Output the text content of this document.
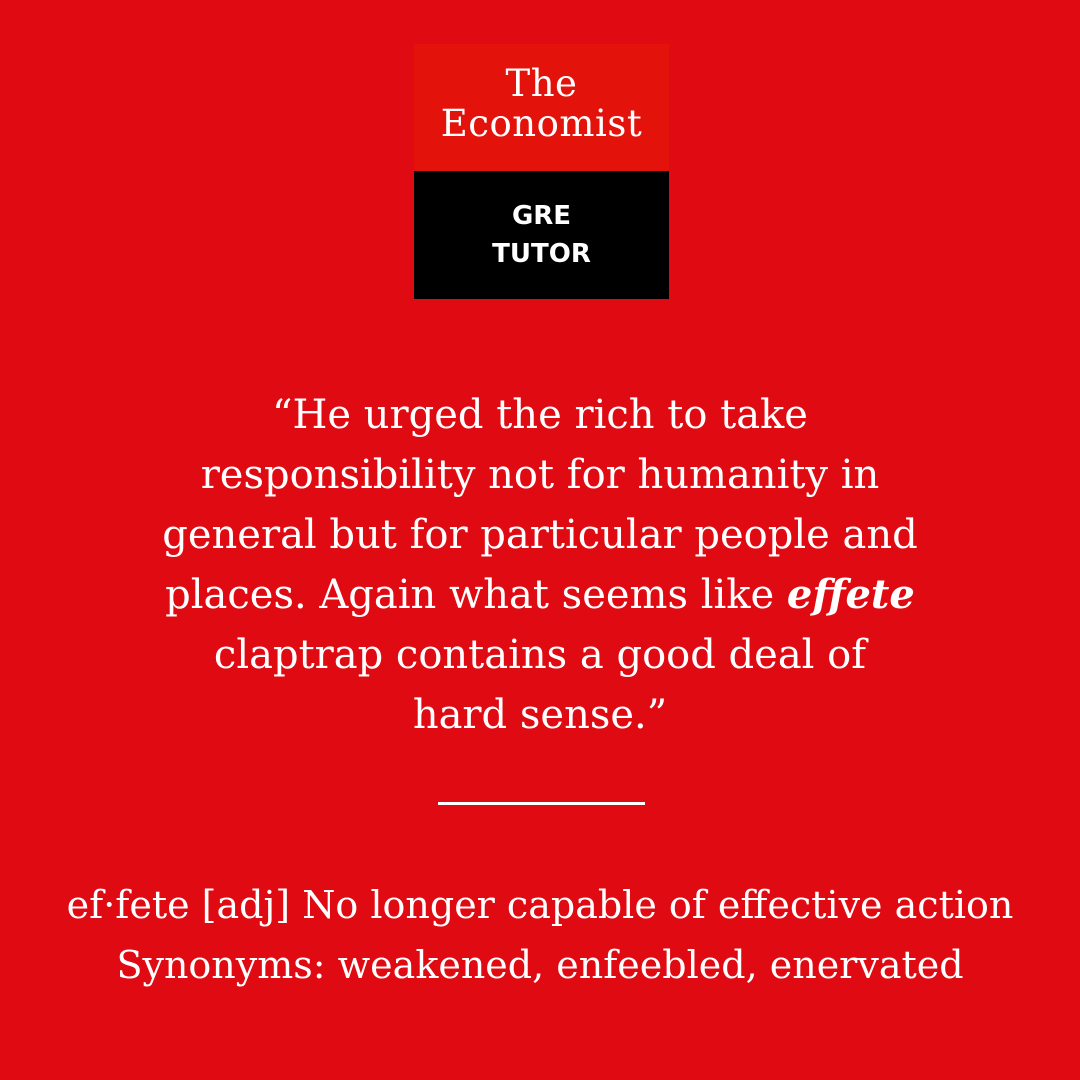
The
Economist
GRE
TUTOR
“He urged the rich to take
responsibility not for humanity in
general but for particular people and
places. Again what seems like effete
claptrap contains a good deal of
hard sense.”
ef·fete [adj] No longer capable of effective action
Synonyms: weakened, enfeebled, enervated
